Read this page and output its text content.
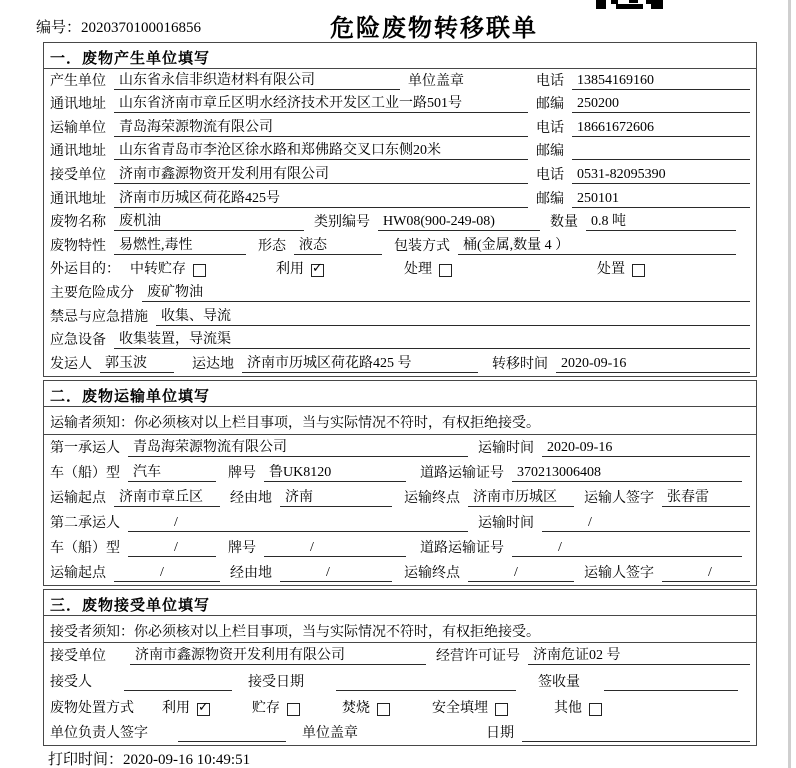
编号：2020370100016856	危险废物转移联单
一．废物产生单位填写
产生单位 山东省永信非织造材料有限公司	单位盖章	电话 13854169160
通讯地址 山东省济南市章丘区明水经济技术开发区工业一路501号	邮编 250200
运输单位 青岛海荣源物流有限公司	电话 18661672606
通讯地址 山东省青岛市李沧区徐水路和郑佛路交叉口东侧20米	邮编
接受单位 济南市鑫源物资开发利用有限公司	电话 0531-82095390
通讯地址 济南市历城区荷花路425号	邮编 250101
废物名称 废机油	类别编号 HW08(900-249-08)	数量 0.8 吨
废物特性 易燃性,毒性	形态 液态	包装方式 桶(金属,数量 4 ）
外运目的： 中转贮存	利用 ✓	处理	处置
主要危险成分 废矿物油
禁忌与应急措施 收集、导流
应急设备 收集装置，导流渠
发运人 郭玉波	运达地 济南市历城区荷花路425 号	转移时间 2020-09-16
二．废物运输单位填写
运输者须知：你必须核对以上栏目事项，当与实际情况不符时，有权拒绝接受。
第一承运人 青岛海荣源物流有限公司	运输时间 2020-09-16
车（船）型 汽车	牌号 鲁UK8120	道路运输证号 370213006408
运输起点 济南市章丘区	经由地 济南	运输终点 济南市历城区	运输人签字 张春雷
第二承运人	/	运输时间	/
车（船）型	/	牌号	/	道路运输证号	/
运输起点	/	经由地	/	运输终点	/	运输人签字	/
三．废物接受单位填写
接受者须知：你必须核对以上栏目事项，当与实际情况不符时，有权拒绝接受。
接受单位	济南市鑫源物资开发利用有限公司	经营许可证号 济南危证02 号
接受人	接受日期	签收量
废物处置方式 利用 ✓	贮存	焚烧	安全填埋	其他
单位负责人签字	单位盖章	日期
打印时间：2020-09-16 10:49:51
